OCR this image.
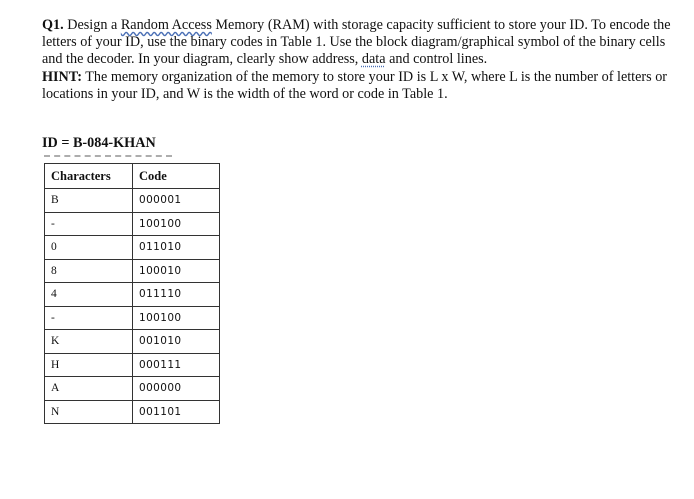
Q1. Design a Random Access Memory (RAM) with storage capacity sufficient to store your ID. To encode the letters of your ID, use the binary codes in Table 1. Use the block diagram/graphical symbol of the binary cells and the decoder. In your diagram, clearly show address, data and control lines.

HINT: The memory organization of the memory to store your ID is L x W, where L is the number of letters or locations in your ID, and W is the width of the word or code in Table 1.

ID = B-084-KHAN
Characters	Code
B	000001
-	100100
0	011010
8	100010
4	011110
-	100100
K	001010
H	000111
A	000000
N	001101
